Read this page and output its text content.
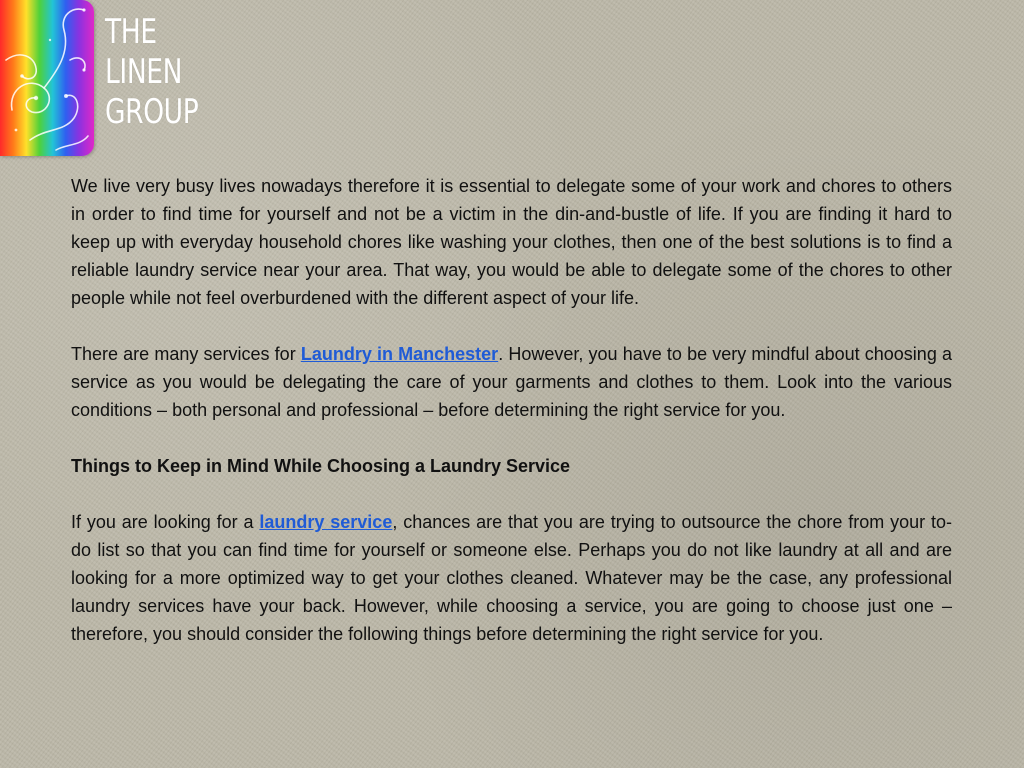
THE
LINEN
GROUP

We live very busy lives nowadays therefore it is essential to delegate some of your work and chores to others in order to find time for yourself and not be a victim in the din-and-bustle of life. If you are finding it hard to keep up with everyday household chores like washing your clothes, then one of the best solutions is to find a reliable laundry service near your area. That way, you would be able to delegate some of the chores to other people while not feel overburdened with the different aspect of your life.

There are many services for Laundry in Manchester. However, you have to be very mindful about choosing a service as you would be delegating the care of your garments and clothes to them. Look into the various conditions – both personal and professional – before determining the right service for you.

Things to Keep in Mind While Choosing a Laundry Service

If you are looking for a laundry service, chances are that you are trying to outsource the chore from your to-do list so that you can find time for yourself or someone else. Perhaps you do not like laundry at all and are looking for a more optimized way to get your clothes cleaned. Whatever may be the case, any professional laundry services have your back. However, while choosing a service, you are going to choose just one – therefore, you should consider the following things before determining the right service for you.
